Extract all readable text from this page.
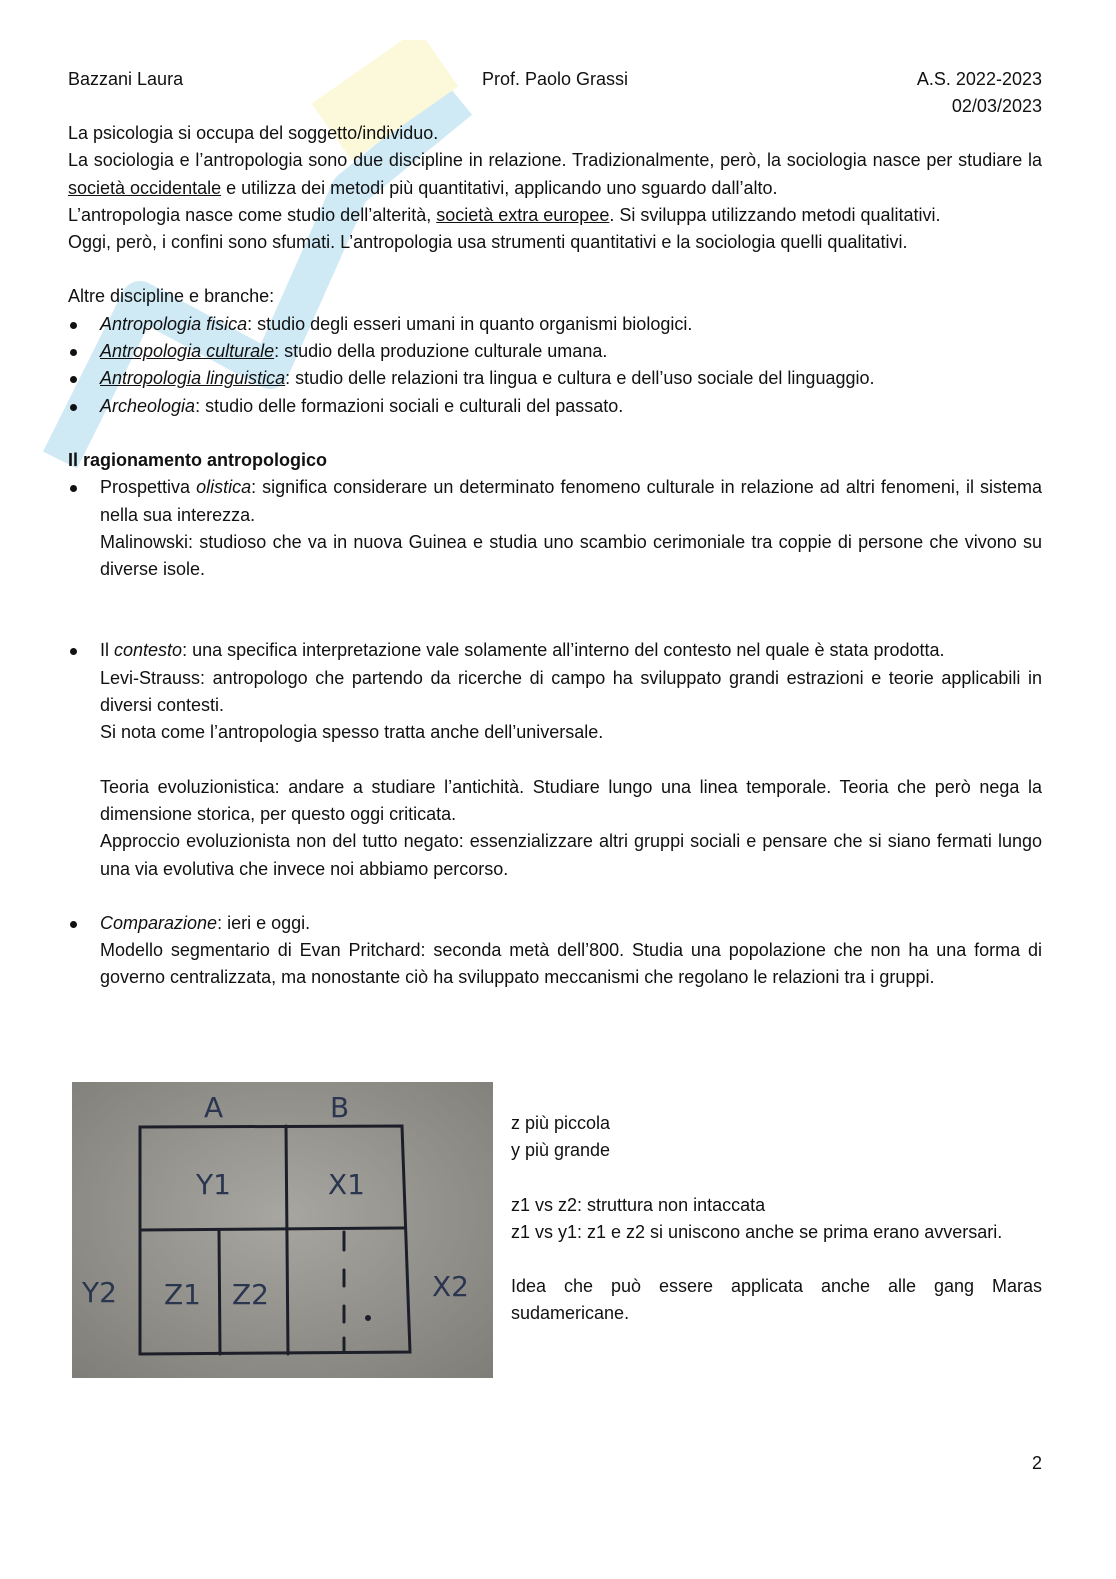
Bazzani Laura	Prof. Paolo Grassi	A.S. 2022-2023
02/03/2023

La psicologia si occupa del soggetto/individuo.

La sociologia e l’antropologia sono due discipline in relazione. Tradizionalmente, però, la sociologia nasce per studiare la società occidentale e utilizza dei metodi più quantitativi, applicando uno sguardo dall’alto.

L’antropologia nasce come studio dell’alterità, società extra europee. Si sviluppa utilizzando metodi qualitativi.

Oggi, però, i confini sono sfumati. L’antropologia usa strumenti quantitativi e la sociologia quelli qualitativi.

Altre discipline e branche:

Antropologia fisica: studio degli esseri umani in quanto organismi biologici.
Antropologia culturale: studio della produzione culturale umana.
Antropologia linguistica: studio delle relazioni tra lingua e cultura e dell’uso sociale del linguaggio.
Archeologia: studio delle formazioni sociali e culturali del passato.

Il ragionamento antropologico

Prospettiva olistica: significa considerare un determinato fenomeno culturale in relazione ad altri fenomeni, il sistema nella sua interezza.
Malinowski: studioso che va in nuova Guinea e studia uno scambio cerimoniale tra coppie di persone che vivono su diverse isole.
Il contesto: una specifica interpretazione vale solamente all’interno del contesto nel quale è stata prodotta.
Levi-Strauss: antropologo che partendo da ricerche di campo ha sviluppato grandi estrazioni e teorie applicabili in diversi contesti.
Si nota come l’antropologia spesso tratta anche dell’universale.
Teoria evoluzionistica: andare a studiare l’antichità. Studiare lungo una linea temporale. Teoria che però nega la dimensione storica, per questo oggi criticata.
Approccio evoluzionista non del tutto negato: essenzializzare altri gruppi sociali e pensare che si siano fermati lungo una via evolutiva che invece noi abbiamo percorso.
Comparazione: ieri e oggi.
Modello segmentario di Evan Pritchard: seconda metà dell’800. Studia una popolazione che non ha una forma di governo centralizzata, ma nonostante ciò ha sviluppato meccanismi che regolano le relazioni tra i gruppi.
A	B
Y1	X1
Y2	X2
Z1 Z2

z più piccola

y più grande

z1 vs z2: struttura non intaccata

z1 vs y1: z1 e z2 si uniscono anche se prima erano avversari.

Idea che può essere applicata anche alle gang Maras sudamericane.

2
